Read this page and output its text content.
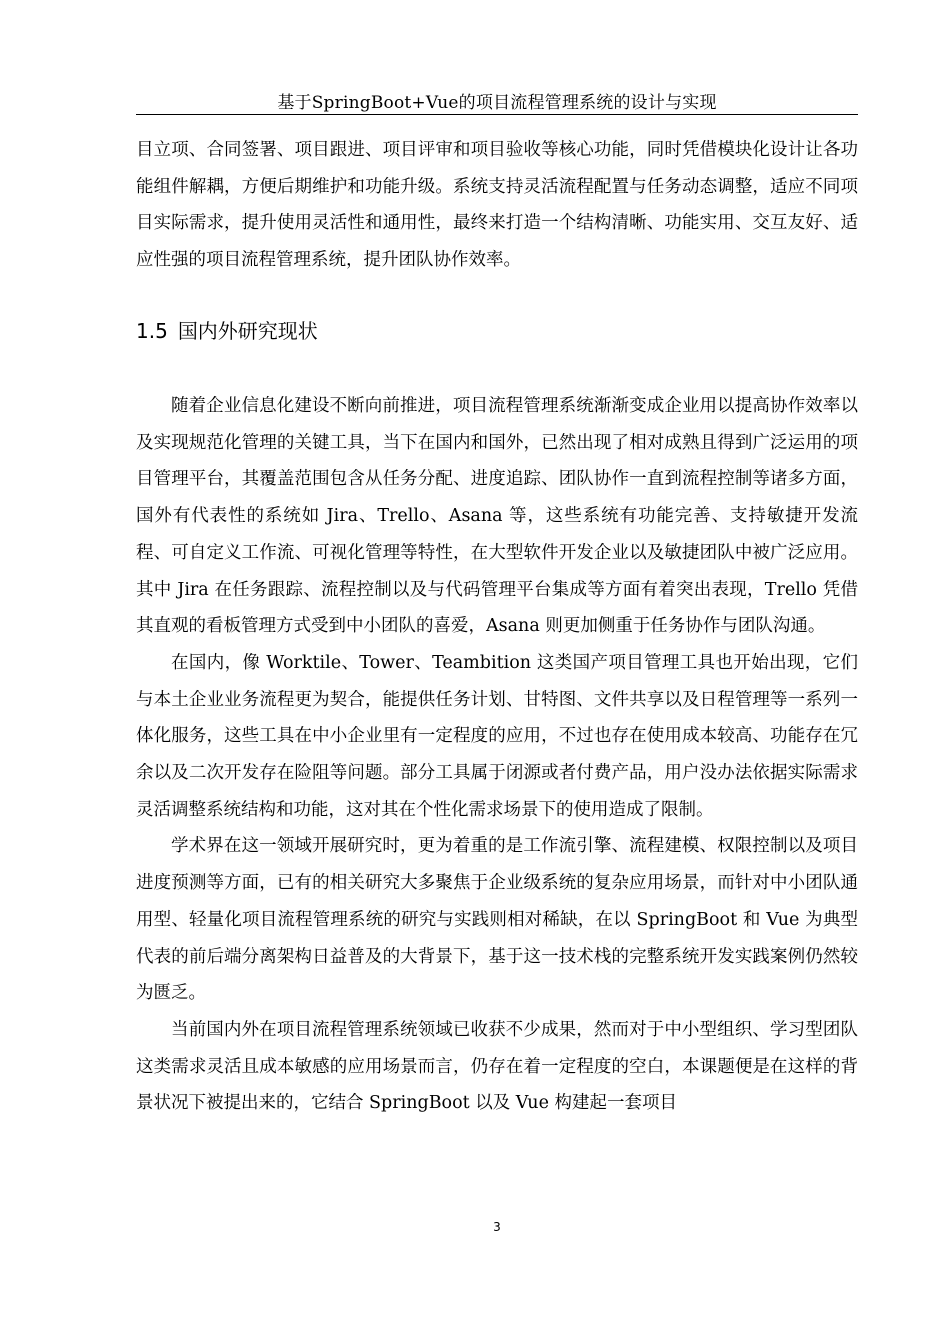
基于SpringBoot+Vue的项目流程管理系统的设计与实现

目立项、合同签署、项目跟进、项目评审和项目验收等核心功能，同时凭借模块化设计让各功能组件解耦，方便后期维护和功能升级。系统支持灵活流程配置与任务动态调整，适应不同项目实际需求，提升使用灵活性和通用性，最终来打造一个结构清晰、功能实用、交互友好、适应性强的项目流程管理系统，提升团队协作效率。

1.5 国内外研究现状

随着企业信息化建设不断向前推进，项目流程管理系统渐渐变成企业用以提高协作效率以及实现规范化管理的关键工具，当下在国内和国外，已然出现了相对成熟且得到广泛运用的项目管理平台，其覆盖范围包含从任务分配、进度追踪、团队协作一直到流程控制等诸多方面，国外有代表性的系统如 Jira、Trello、Asana 等，这些系统有功能完善、支持敏捷开发流程、可自定义工作流、可视化管理等特性，在大型软件开发企业以及敏捷团队中被广泛应用。其中 Jira 在任务跟踪、流程控制以及与代码管理平台集成等方面有着突出表现，Trello 凭借其直观的看板管理方式受到中小团队的喜爱，Asana 则更加侧重于任务协作与团队沟通。

在国内，像 Worktile、Tower、Teambition 这类国产项目管理工具也开始出现，它们与本土企业业务流程更为契合，能提供任务计划、甘特图、文件共享以及日程管理等一系列一体化服务，这些工具在中小企业里有一定程度的应用，不过也存在使用成本较高、功能存在冗余以及二次开发存在险阻等问题。部分工具属于闭源或者付费产品，用户没办法依据实际需求灵活调整系统结构和功能，这对其在个性化需求场景下的使用造成了限制。

学术界在这一领域开展研究时，更为着重的是工作流引擎、流程建模、权限控制以及项目进度预测等方面，已有的相关研究大多聚焦于企业级系统的复杂应用场景，而针对中小团队通用型、轻量化项目流程管理系统的研究与实践则相对稀缺，在以 SpringBoot 和 Vue 为典型代表的前后端分离架构日益普及的大背景下，基于这一技术栈的完整系统开发实践案例仍然较为匮乏。

当前国内外在项目流程管理系统领域已收获不少成果，然而对于中小型组织、学习型团队这类需求灵活且成本敏感的应用场景而言，仍存在着一定程度的空白，本课题便是在这样的背景状况下被提出来的，它结合 SpringBoot 以及 Vue 构建起一套项目

3
